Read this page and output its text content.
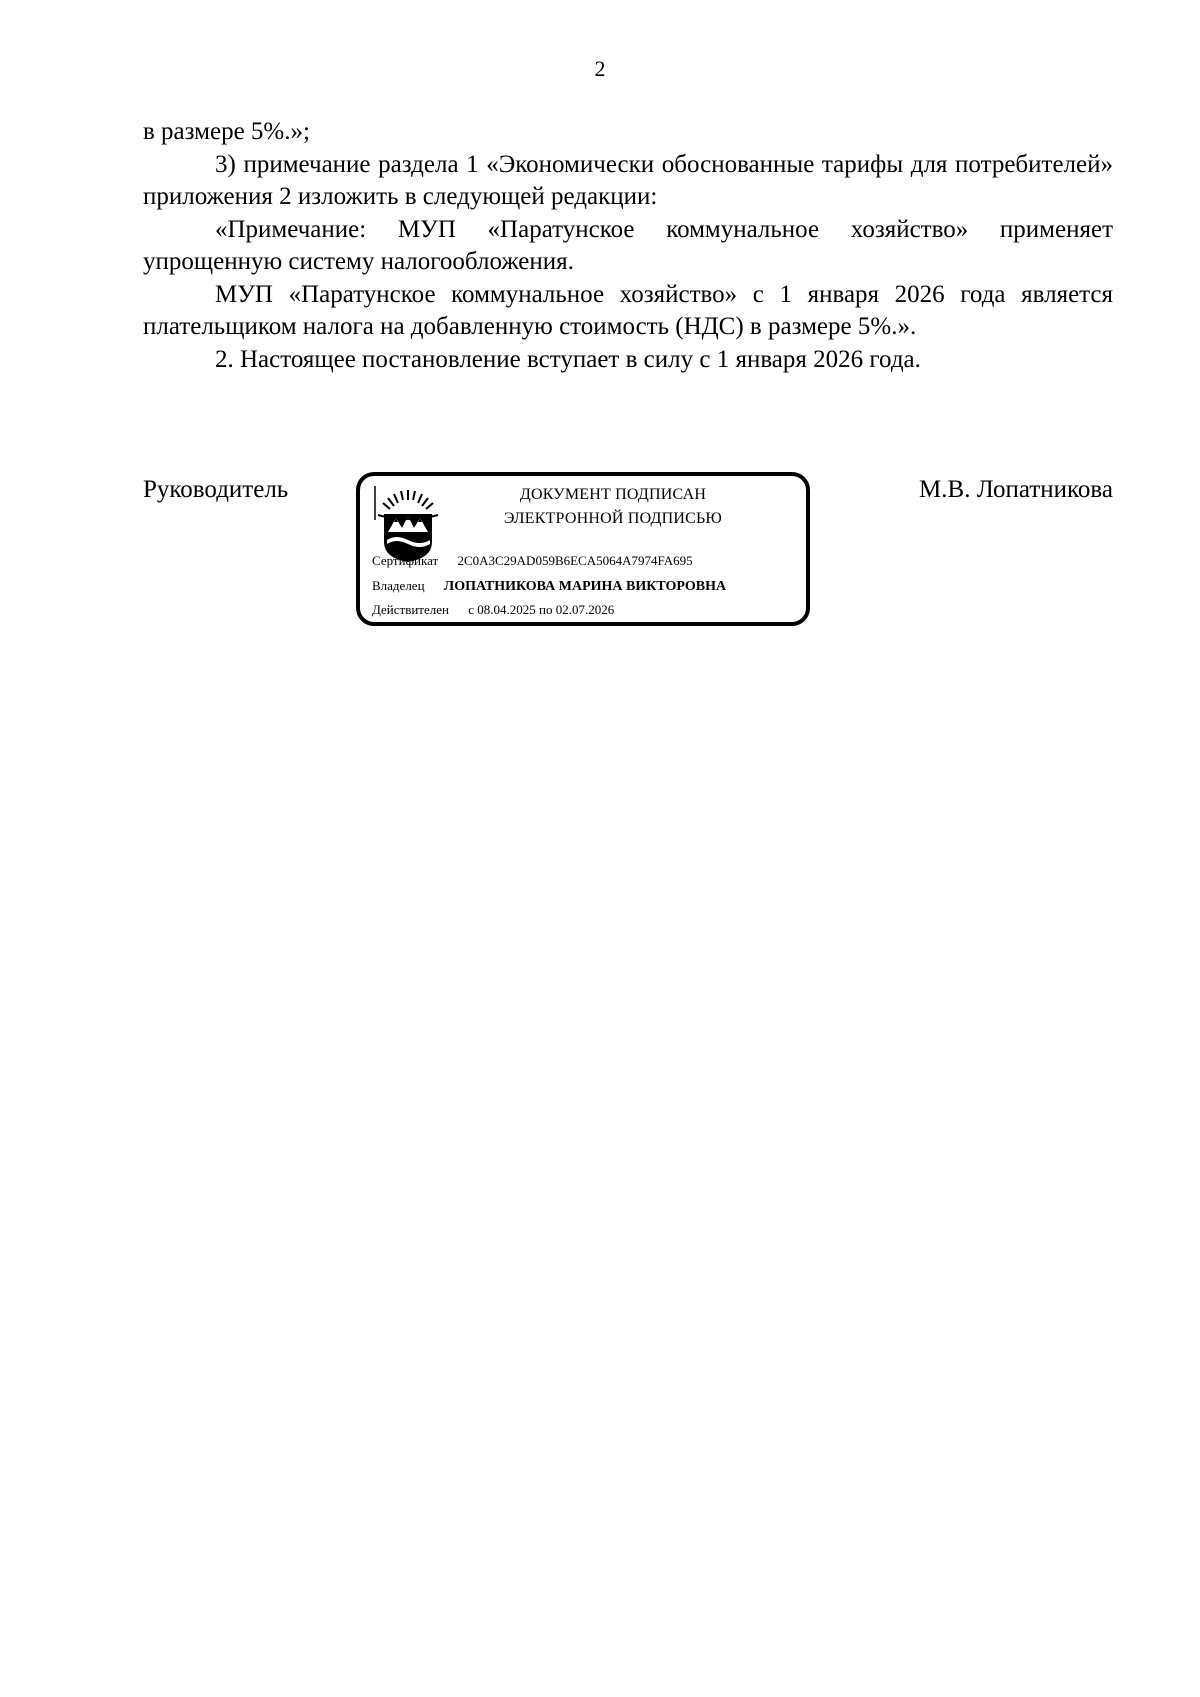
2

в размере 5%.»;

3) примечание раздела 1 «Экономически обоснованные тарифы для потребителей» приложения 2 изложить в следующей редакции:

«Примечание: МУП «Паратунское коммунальное хозяйство» применяет упрощенную систему налогообложения.

МУП «Паратунское коммунальное хозяйство» с 1 января 2026 года является плательщиком налога на добавленную стоимость (НДС) в размере 5%.».

2. Настоящее постановление вступает в силу с 1 января 2026 года.

Руководитель	ДОКУМЕНТ ПОДПИСАН
ЭЛЕКТРОННОЙ ПОДПИСЬЮ
Сертификат 2C0A3C29AD059B6ECA5064A7974FA695
Владелец ЛОПАТНИКОВА МАРИНА ВИКТОРОВНА
Действителен с 08.04.2025 по 02.07.2026
М.В. Лопатникова
